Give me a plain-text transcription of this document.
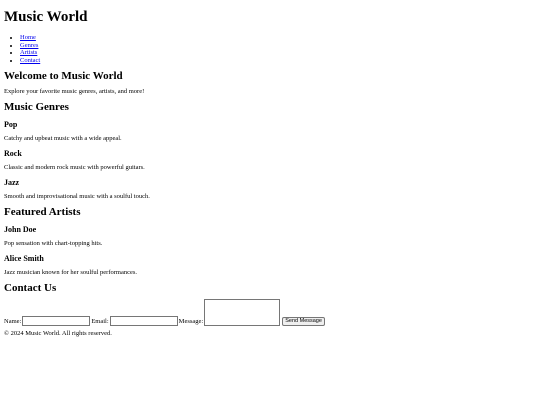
Music World
• Home
• Genres
• Artists
• Contact
Welcome to Music World

Explore your favorite music genres, artists, and more!

Music Genres
Pop

Catchy and upbeat music with a wide appeal.

Rock

Classic and modern rock music with powerful guitars.

Jazz

Smooth and improvisational music with a soulful touch.

Featured Artists
John Doe

Pop sensation with chart-topping hits.

Alice Smith

Jazz musician known for her soulful performances.

Contact Us
Name:	Email:	Message:	Send Message

© 2024 Music World. All rights reserved.
